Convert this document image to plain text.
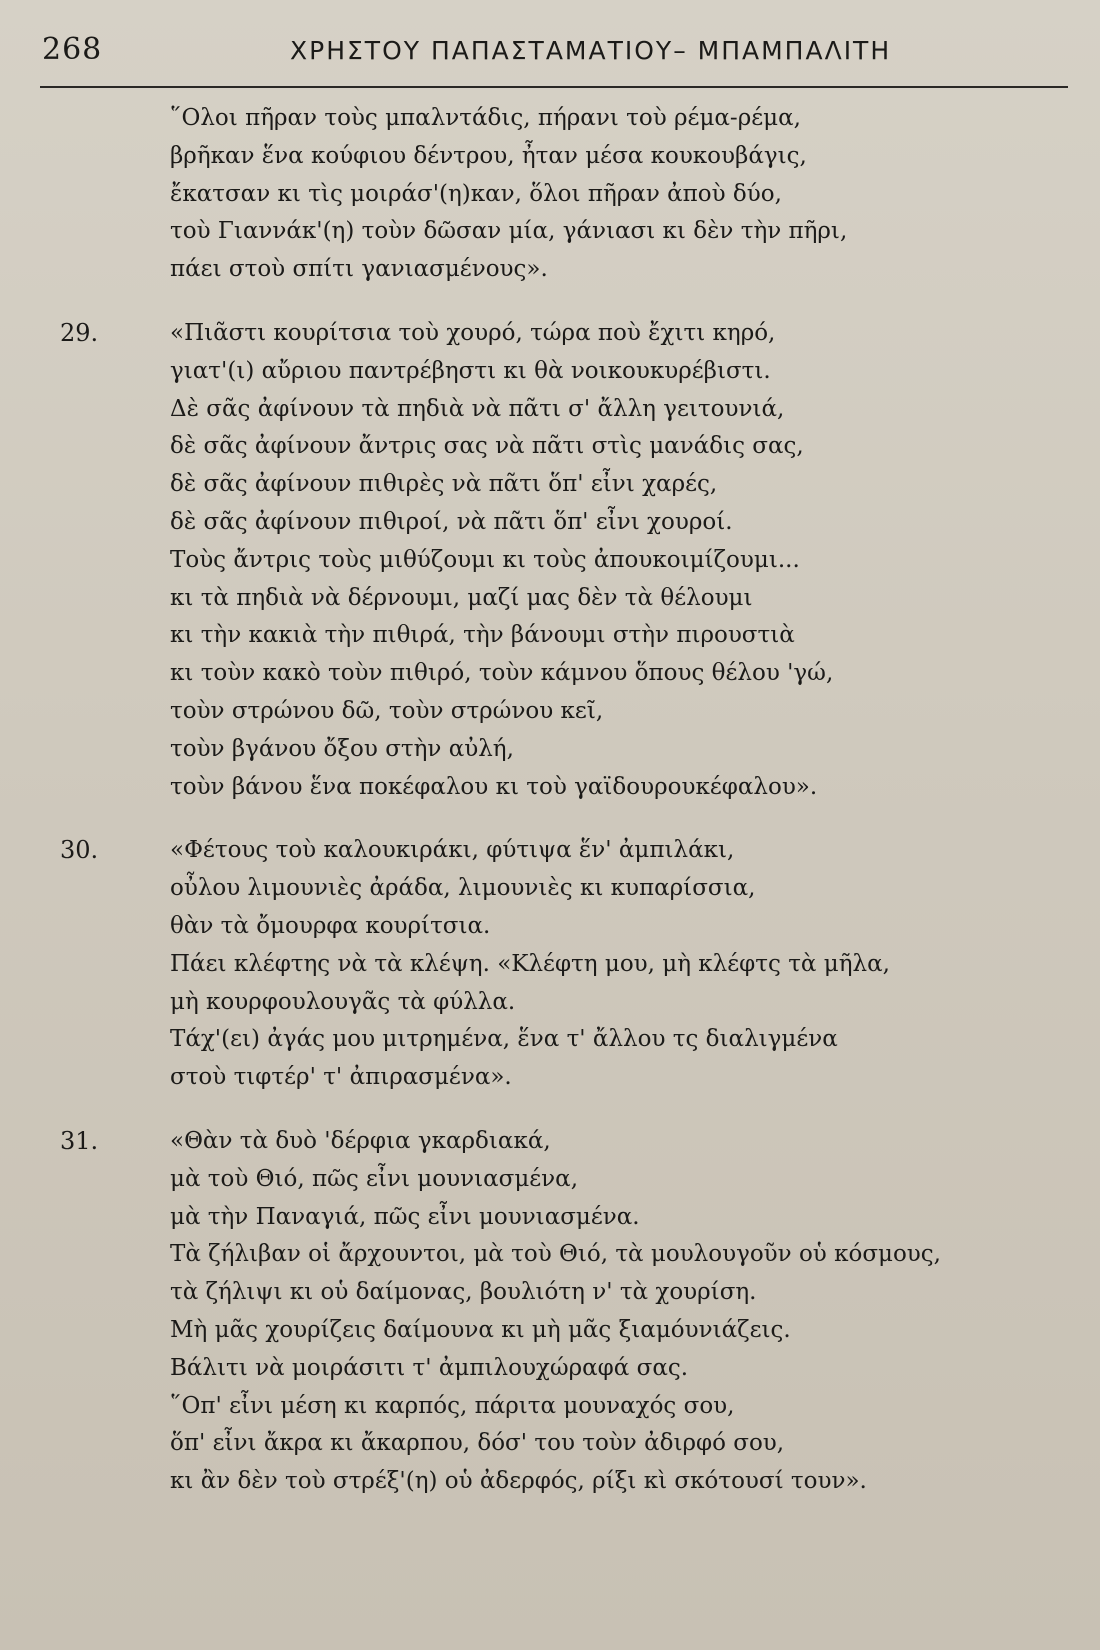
268	ΧΡΗΣΤΟΥ ΠΑΠΑΣΤΑΜΑΤΙΟΥ– ΜΠΑΜΠΑΛΙΤΗ
῞Ολοι πῆραν τοὺς μπαλντάδις, πήρανι τοὺ ρέμα-ρέμα,
βρῆκαν ἕνα κούφιου δέντρου, ἦταν μέσα κουκουβάγις,
ἔκατσαν κι τὶς μοιράσ'(η)καν, ὅλοι πῆραν ἀποὺ δύο,
τοὺ Γιαννάκ'(η) τοὺν δῶσαν μία, γάνιασι κι δὲν τὴν πῆρι,
πάει στοὺ σπίτι γανιασμένους».
29.	«Πιᾶστι κουρίτσια τοὺ χουρό, τώρα ποὺ ἔχιτι κηρό,
γιατ'(ι) αὔριου παντρέβηστι κι θὰ νοικουκυρέβιστι.
Δὲ σᾶς ἀφίνουν τὰ πηδιὰ νὰ πᾶτι σ' ἄλλη γειτουνιά,
δὲ σᾶς ἀφίνουν ἄντρις σας νὰ πᾶτι στὶς μανάδις σας,
δὲ σᾶς ἀφίνουν πιθιρὲς νὰ πᾶτι ὅπ' εἶνι χαρές,
δὲ σᾶς ἀφίνουν πιθιροί, νὰ πᾶτι ὅπ' εἶνι χουροί.
Τοὺς ἄντρις τοὺς μιθύζουμι κι τοὺς ἀπουκοιμίζουμι...
κι τὰ πηδιὰ νὰ δέρνουμι, μαζί μας δὲν τὰ θέλουμι
κι τὴν κακιὰ τὴν πιθιρά, τὴν βάνουμι στὴν πιρουστιὰ
κι τοὺν κακὸ τοὺν πιθιρό, τοὺν κάμνου ὅπους θέλου 'γώ,
τοὺν στρώνου δῶ, τοὺν στρώνου κεῖ,
τοὺν βγάνου ὄξου στὴν αὐλή,
τοὺν βάνου ἕνα ποκέφαλου κι τοὺ γαϊδουρουκέφαλου».
30.	«Φέτους τοὺ καλουκιράκι, φύτιψα ἕν' ἀμπιλάκι,
οὖλου λιμουνιὲς ἀράδα, λιμουνιὲς κι κυπαρίσσια,
θὰν τὰ ὄμουρφα κουρίτσια.
Πάει κλέφτης νὰ τὰ κλέψη. «Κλέφτη μου, μὴ κλέφτς τὰ μῆλα,
μὴ κουρφουλουγᾶς τὰ φύλλα.
Τάχ'(ει) ἀγάς μου μιτρημένα, ἕνα τ' ἄλλου τς διαλιγμένα
στοὺ τιφτέρ' τ' ἀπιρασμένα».
31.	«Θὰν τὰ δυὸ 'δέρφια γκαρδιακά,
μὰ τοὺ Θιό, πῶς εἶνι μουνιασμένα,
μὰ τὴν Παναγιά, πῶς εἶνι μουνιασμένα.
Τὰ ζήλιβαν οἱ ἄρχουντοι, μὰ τοὺ Θιό, τὰ μουλουγοῦν οὑ κόσμους,
τὰ ζήλιψι κι οὑ δαίμονας, βουλιότη ν' τὰ χουρίση.
Μὴ μᾶς χουρίζεις δαίμουνα κι μὴ μᾶς ξιαμόυνιάζεις.
Βάλιτι νὰ μοιράσιτι τ' ἀμπιλουχώραφά σας.
῞Οπ' εἶνι μέση κι καρπός, πάριτα μουναχός σου,
ὅπ' εἶνι ἄκρα κι ἄκαρπου, δόσ' του τοὺν ἀδιρφό σου,
κι ἂν δὲν τοὺ στρέξ'(η) οὑ ἀδερφός, ρίξι κὶ σκότουσί τουν».
